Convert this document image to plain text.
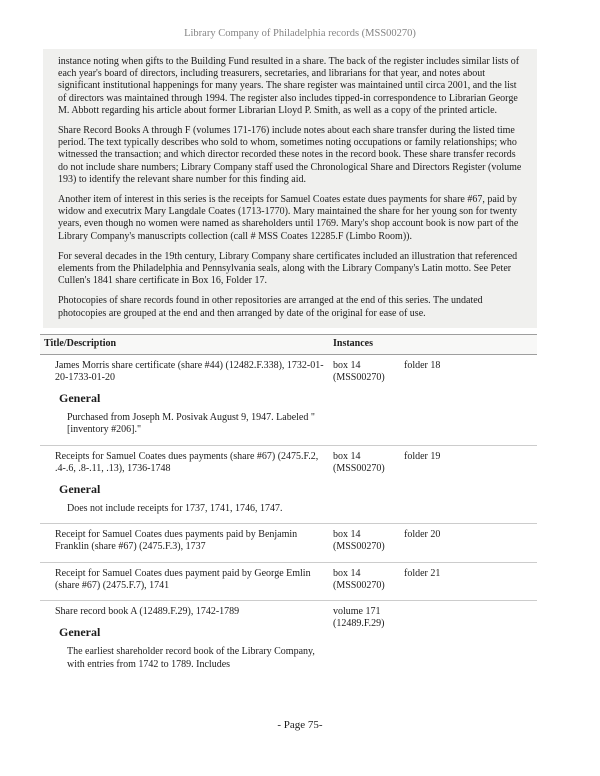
Library Company of Philadelphia records (MSS00270)

instance noting when gifts to the Building Fund resulted in a share. The back of the register includes similar lists of each year's board of directors, including treasurers, secretaries, and librarians for that year, and notes about significant institutional happenings for many years. The share register was maintained until circa 2001, and the list of directors was maintained through 1994. The register also includes tipped-in correspondence to Librarian George M. Abbott regarding his article about former Librarian Lloyd P. Smith, as well as a copy of the printed article.

Share Record Books A through F (volumes 171-176) include notes about each share transfer during the listed time period. The text typically describes who sold to whom, sometimes noting occupations or family relationships; who witnessed the transaction; and which director recorded these notes in the record book. These share transfer records do not include share numbers; Library Company staff used the Chronological Share and Directors Register (volume 193) to identify the relevant share number for this finding aid.

Another item of interest in this series is the receipts for Samuel Coates estate dues payments for share #67, paid by widow and executrix Mary Langdale Coates (1713-1770). Mary maintained the share for her young son for twenty years, even though no women were named as shareholders until 1769. Mary's shop account book is now part of the Library Company's manuscripts collection (call # MSS Coates 12285.F (Limbo Room)).

For several decades in the 19th century, Library Company share certificates included an illustration that referenced elements from the Philadelphia and Pennsylvania seals, along with the Library Company's Latin motto. See Peter Cullen's 1841 share certificate in Box 16, Folder 17.

Photocopies of share records found in other repositories are arranged at the end of this series. The undated photocopies are grouped at the end and then arranged by date of the original for ease of use.

Title/Description	Instances
James Morris share certificate (share #44) (12482.F.338), 1732-01-20-1733-01-20
General
Purchased from Joseph M. Posivak August 9, 1947. Labeled "[inventory #206]."
box 14 (MSS00270)
folder 18
Receipts for Samuel Coates dues payments (share #67) (2475.F.2, .4-.6, .8-.11, .13), 1736-1748
General
Does not include receipts for 1737, 1741, 1746, 1747.
box 14 (MSS00270)
folder 19
Receipt for Samuel Coates dues payments paid by Benjamin Franklin (share #67) (2475.F.3), 1737
box 14 (MSS00270)
folder 20
Receipt for Samuel Coates dues payment paid by George Emlin (share #67) (2475.F.7), 1741
box 14 (MSS00270)
folder 21
Share record book A (12489.F.29), 1742-1789
General
The earliest shareholder record book of the Library Company, with entries from 1742 to 1789. Includes
volume 171 (12489.F.29)
- Page 75-
